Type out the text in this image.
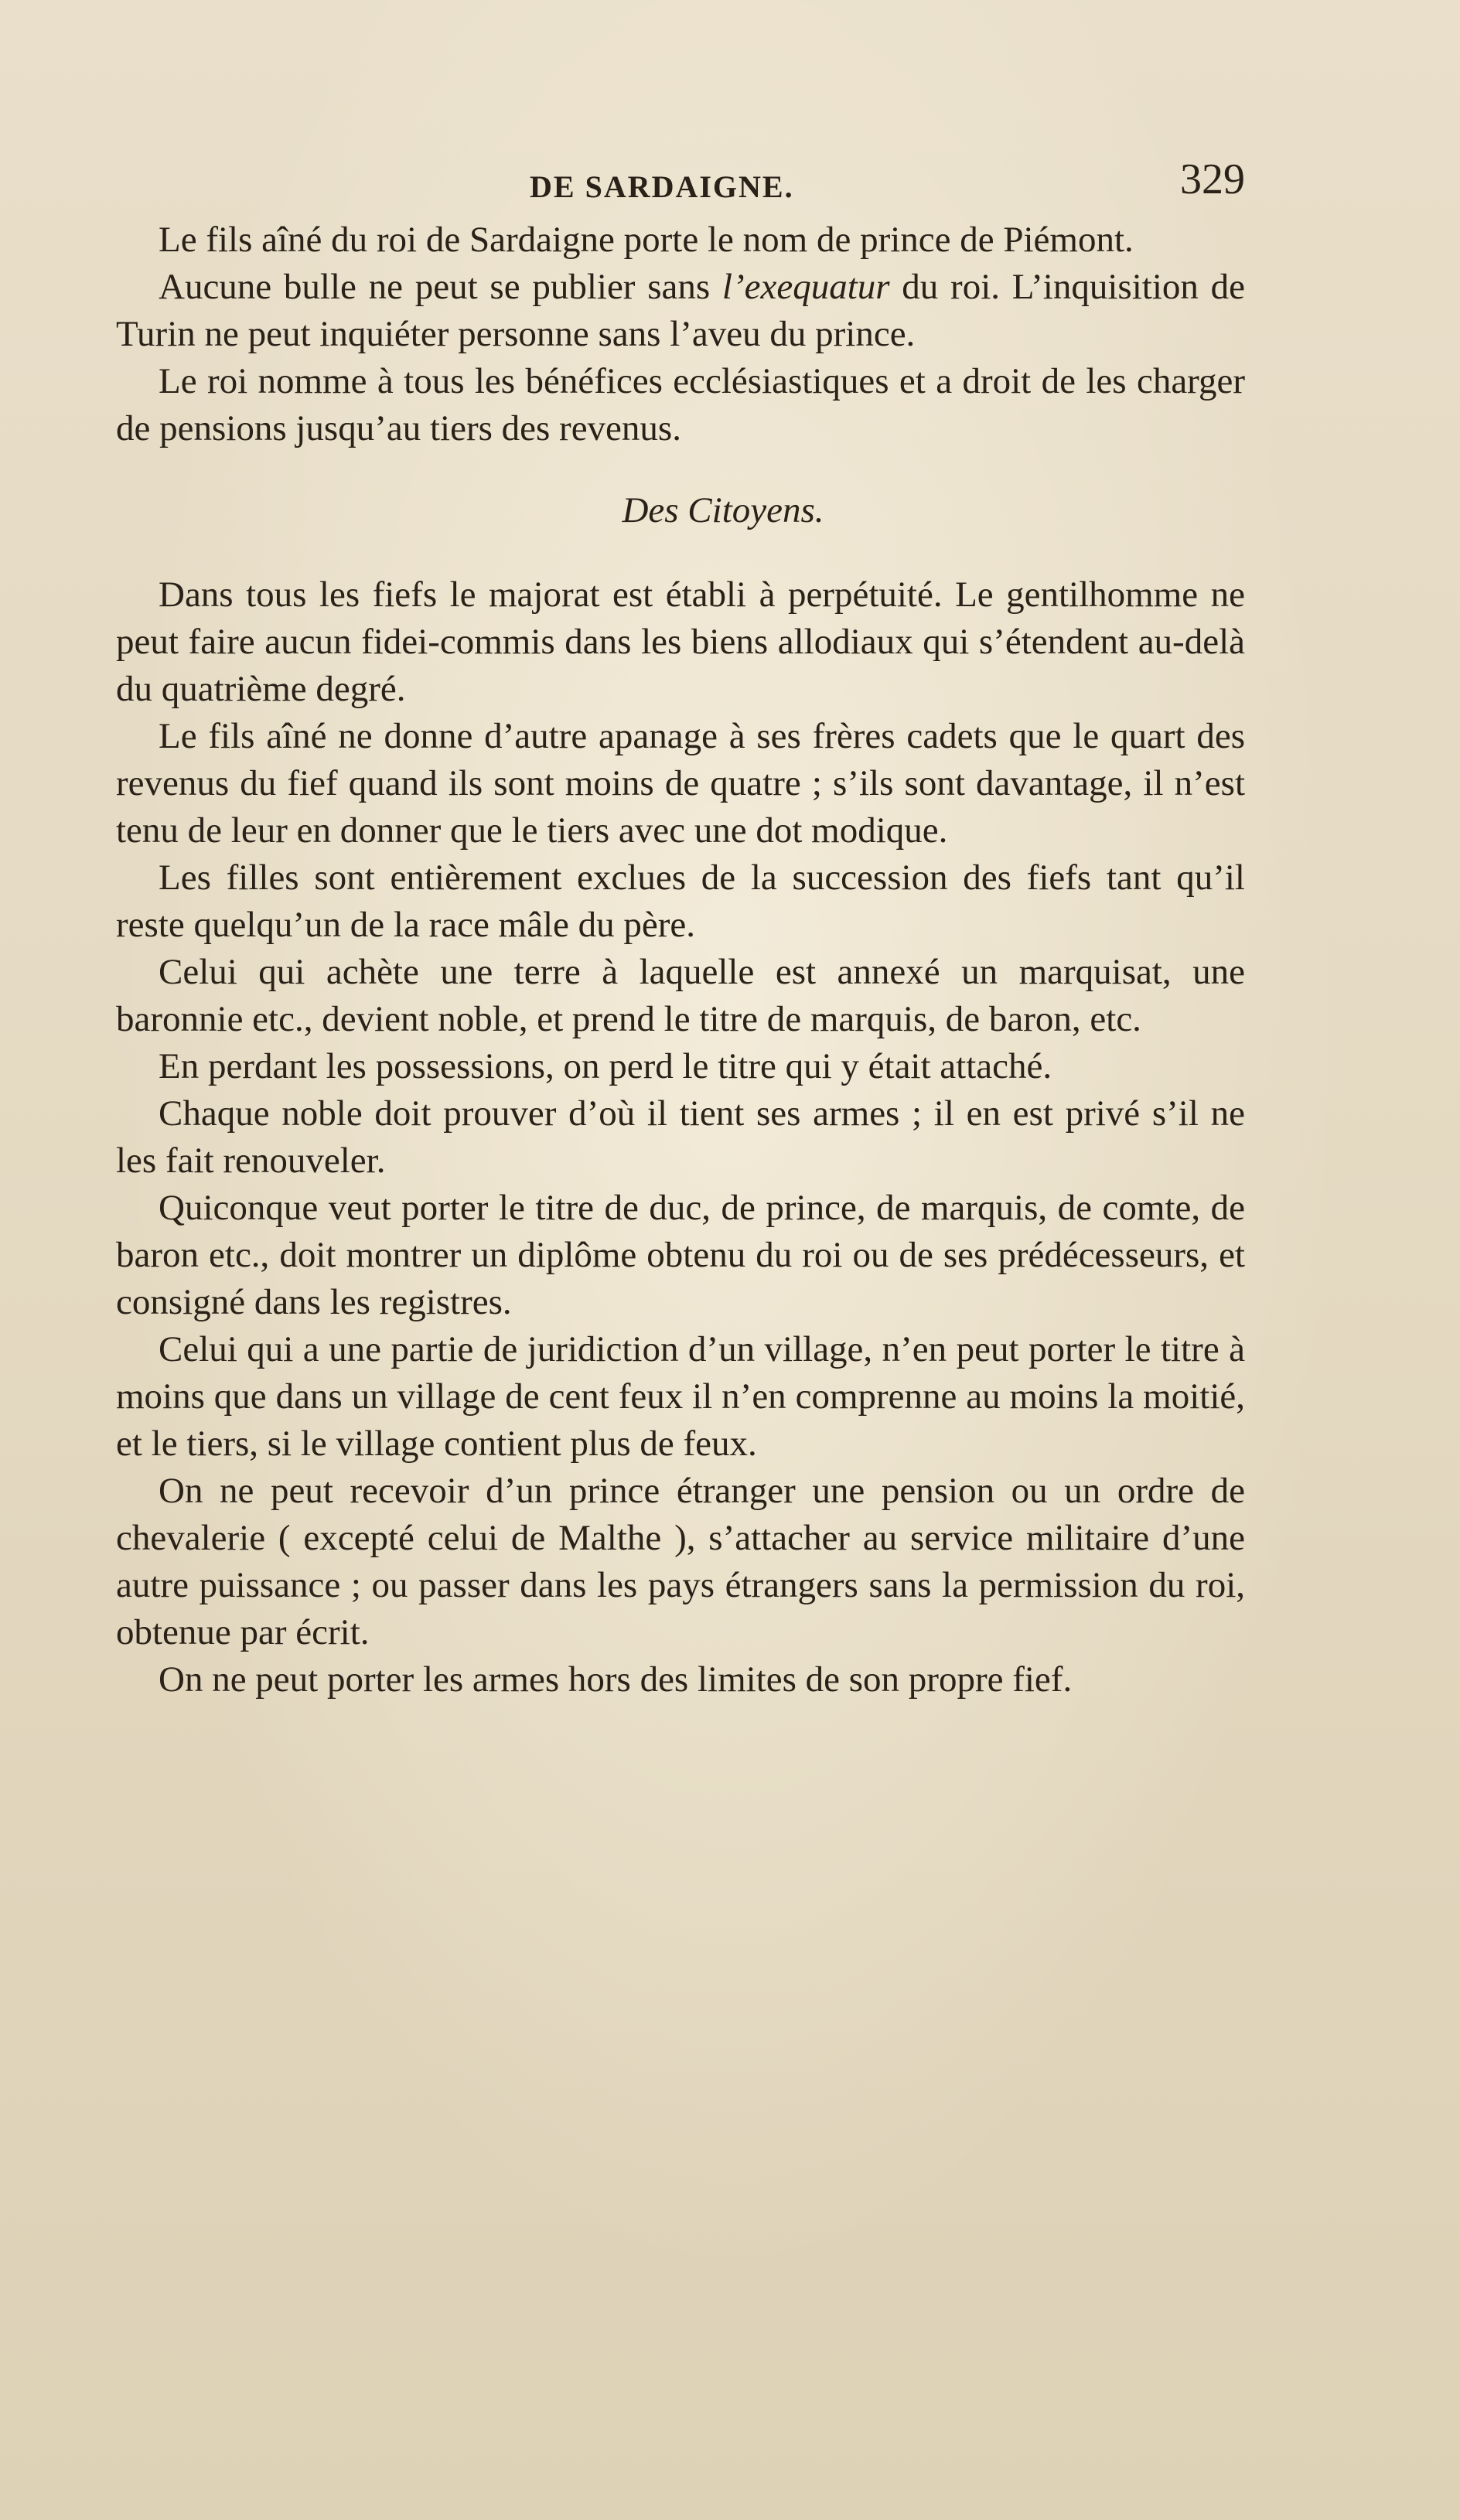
DE SARDAIGNE.	329

Le fils aîné du roi de Sardaigne porte le nom de prince de Piémont.

Aucune bulle ne peut se publier sans l’exequatur du roi. L’inquisition de Turin ne peut inquiéter personne sans l’aveu du prince.

Le roi nomme à tous les bénéfices ecclésiastiques et a droit de les charger de pensions jusqu’au tiers des revenus.

Des Citoyens.

Dans tous les fiefs le majorat est établi à perpétuité. Le gentilhomme ne peut faire aucun fidei-commis dans les biens allodiaux qui s’étendent au-delà du quatrième degré.

Le fils aîné ne donne d’autre apanage à ses frères cadets que le quart des revenus du fief quand ils sont moins de quatre ; s’ils sont davantage, il n’est tenu de leur en donner que le tiers avec une dot modique.

Les filles sont entièrement exclues de la succession des fiefs tant qu’il reste quelqu’un de la race mâle du père.

Celui qui achète une terre à laquelle est annexé un marquisat, une baronnie etc., devient noble, et prend le titre de marquis, de baron, etc.

En perdant les possessions, on perd le titre qui y était attaché.

Chaque noble doit prouver d’où il tient ses armes ; il en est privé s’il ne les fait renouveler.

Quiconque veut porter le titre de duc, de prince, de marquis, de comte, de baron etc., doit montrer un diplôme obtenu du roi ou de ses prédécesseurs, et consigné dans les registres.

Celui qui a une partie de juridiction d’un village, n’en peut porter le titre à moins que dans un village de cent feux il n’en comprenne au moins la moitié, et le tiers, si le village contient plus de feux.

On ne peut recevoir d’un prince étranger une pension ou un ordre de chevalerie ( excepté celui de Malthe ), s’attacher au service militaire d’une autre puissance ; ou passer dans les pays étrangers sans la permission du roi, obtenue par écrit.

On ne peut porter les armes hors des limites de son propre fief.
